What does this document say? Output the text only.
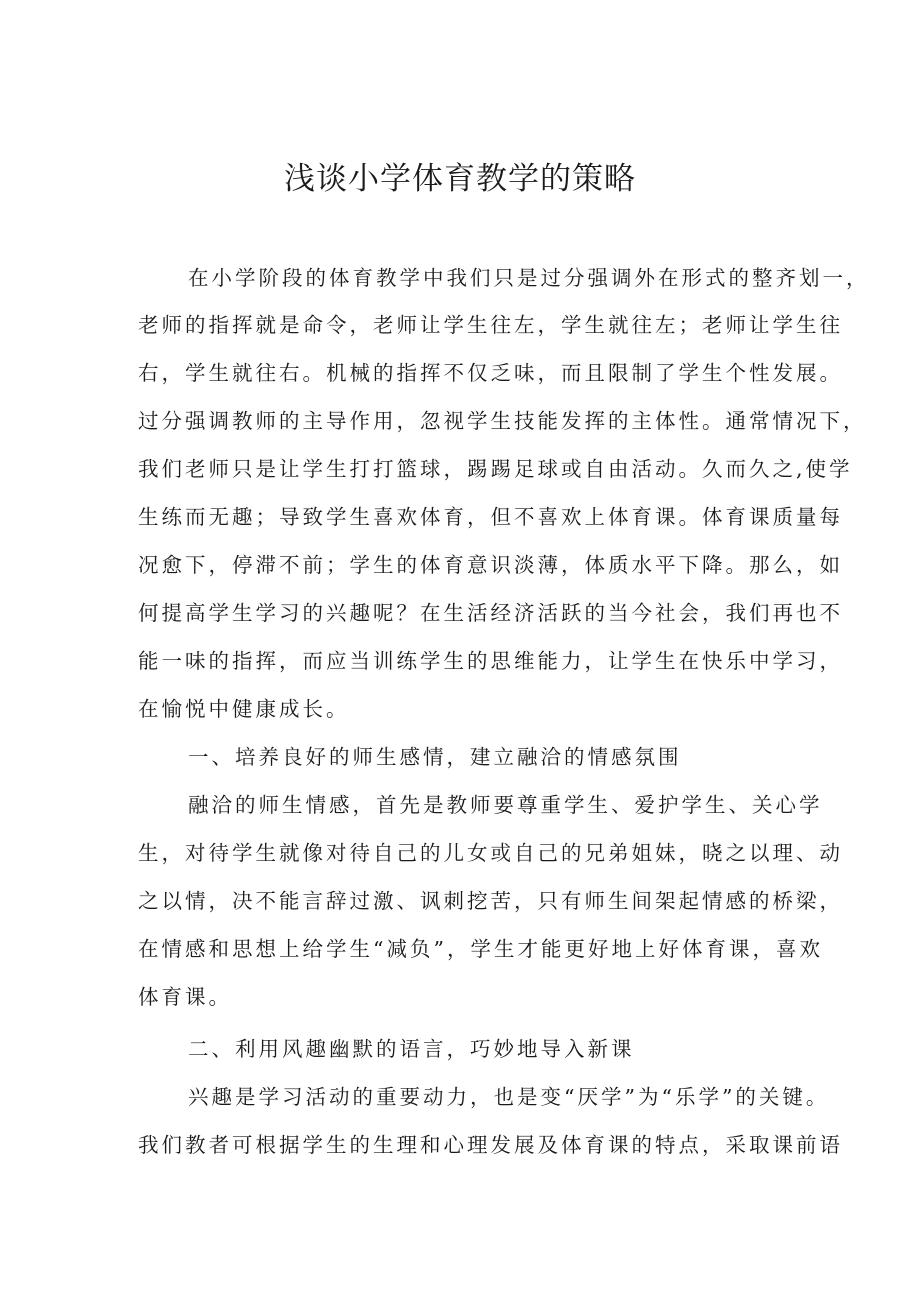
浅谈小学体育教学的策略

在小学阶段的体育教学中我们只是过分强调外在形式的整齐划一，

老师的指挥就是命令，老师让学生往左，学生就往左；老师让学生往

右，学生就往右。机械的指挥不仅乏味，而且限制了学生个性发展。

过分强调教师的主导作用，忽视学生技能发挥的主体性。通常情况下，

我们老师只是让学生打打篮球，踢踢足球或自由活动。久而久之,使学

生练而无趣；导致学生喜欢体育，但不喜欢上体育课。体育课质量每

况愈下，停滞不前；学生的体育意识淡薄，体质水平下降。那么，如

何提高学生学习的兴趣呢？在生活经济活跃的当今社会，我们再也不

能一味的指挥，而应当训练学生的思维能力，让学生在快乐中学习，

在愉悦中健康成长。

一、培养良好的师生感情，建立融洽的情感氛围

融洽的师生情感，首先是教师要尊重学生、爱护学生、关心学

生，对待学生就像对待自己的儿女或自己的兄弟姐妹，晓之以理、动

之以情，决不能言辞过激、讽刺挖苦，只有师生间架起情感的桥梁，

在情感和思想上给学生“减负”，学生才能更好地上好体育课，喜欢

体育课。

二、利用风趣幽默的语言，巧妙地导入新课

兴趣是学习活动的重要动力，也是变“厌学”为“乐学”的关键。

我们教者可根据学生的生理和心理发展及体育课的特点，采取课前语
